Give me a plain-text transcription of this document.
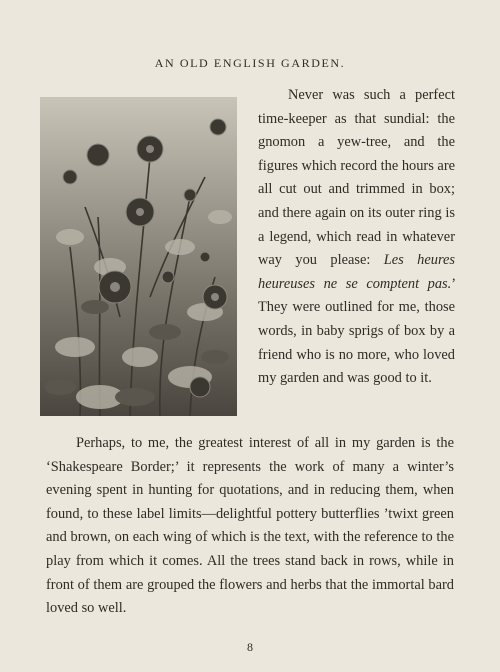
AN OLD ENGLISH GARDEN.
Never was such a perfect time-keeper as that sundial: the gnomon a yew-tree, and the figures which record the hours are all cut out and trimmed in box; and there again on its outer ring is a legend, which read in whatever way you please: Les heures heureuses ne se comptent pas.’ They were outlined for me, those words, in baby sprigs of box by a friend who is no more, who loved my garden and was good to it.
Perhaps, to me, the greatest interest of all in my garden is the ‘Shakespeare Border;’ it represents the work of many a winter’s evening spent in hunting for quotations, and in reducing them, when found, to these label limits—delightful pottery butterflies ’twixt green and brown, on each wing of which is the text, with the reference to the play from which it comes. All the trees stand back in rows, while in front of them are grouped the flowers and herbs that the immortal bard loved so well.
8
